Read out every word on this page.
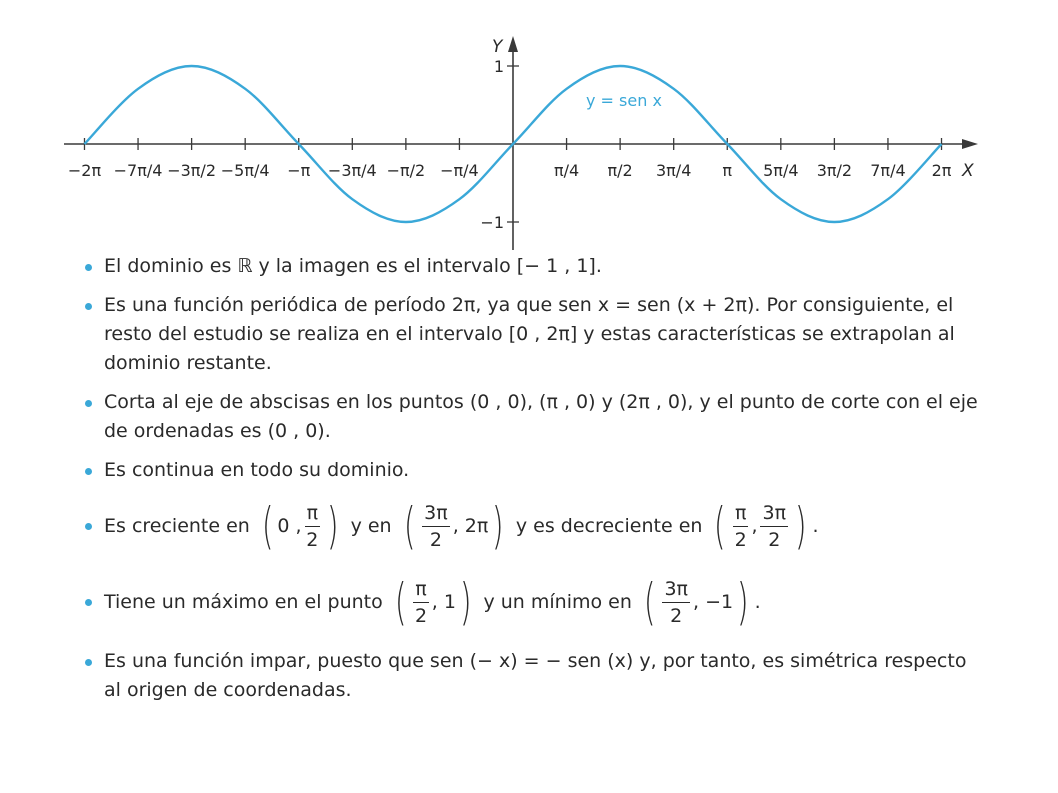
−2π −7π/4 −3π/2 −5π/4 −π −3π/4 −π/2 −π/4	π/4 π/2 3π/4 π 5π/4 3π/2 7π/4 2π
1
−1
X
Y
y = sen x
El dominio es ℝ y la imagen es el intervalo [− 1 , 1].
Es una función periódica de período 2π, ya que sen x = sen (x + 2π). Por consiguiente, el resto del estudio se realiza en el intervalo [0 , 2π] y estas características se extrapolan al dominio restante.
Corta al eje de abscisas en los puntos (0 , 0), (π , 0) y (2π , 0), y el punto de corte con el eje de ordenadas es (0 , 0).
Es continua en todo su dominio.
Es creciente en ( 0 , $\frac{\pi}{2}$ ) y en ( $\frac{3\pi}{2}$ , 2π ) y es decreciente en ( $\frac{\pi}{2}$ , $\frac{3\pi}{2}$ ) .
Tiene un máximo en el punto ( $\frac{\pi}{2}$ , 1 ) y un mínimo en ( $\frac{3\pi}{2}$ , −1 ) .
Es una función impar, puesto que sen (− x) = − sen (x) y, por tanto, es simétrica respecto al origen de coordenadas.
